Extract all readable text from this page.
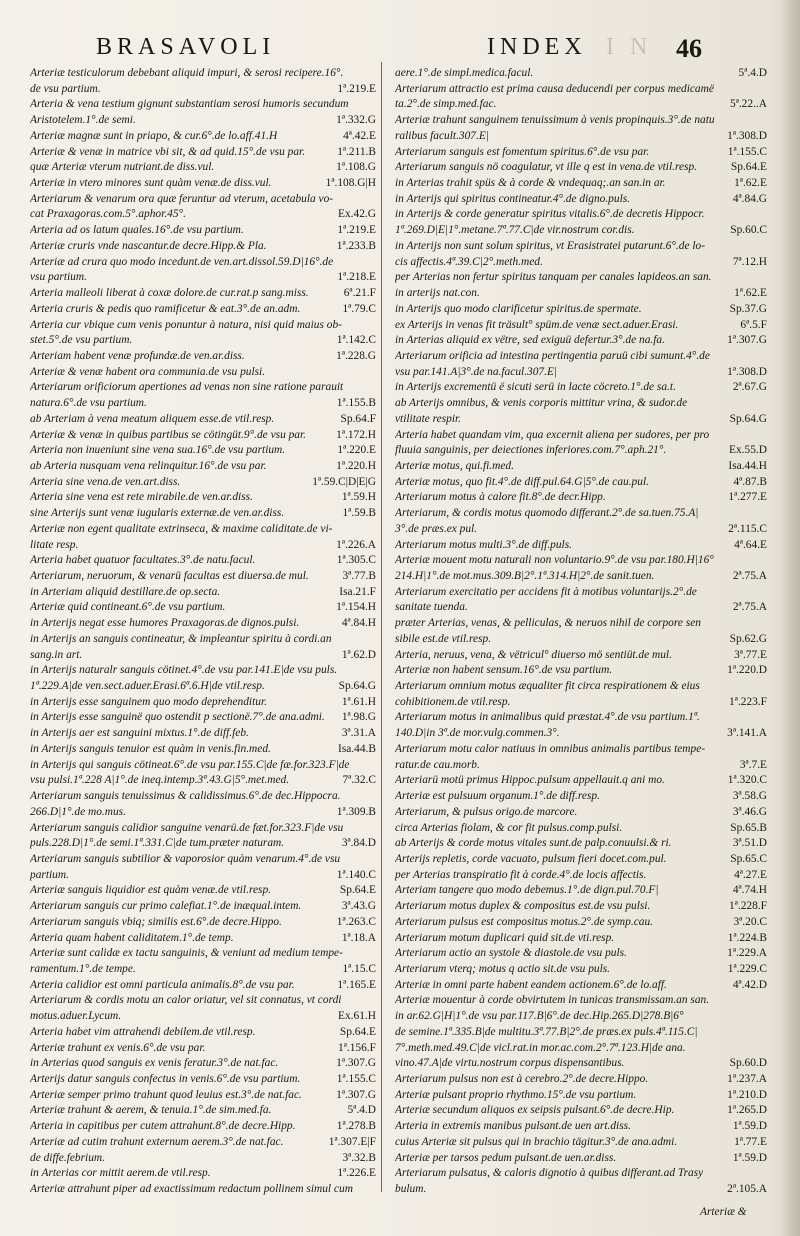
BRASAVOLI	INDEX I N 46
Arteriæ testiculorum debebant aliquid impuri, & serosi recipere.16°.
de vsu partium.	1ª.219.E
Arteria & vena testium gignunt substantiam serosi humoris secundum
Aristotelem.1°.de semi.	1ª.332.G
Arteriæ magnæ sunt in priapo, & cur.6°.de lo.aff.41.H	4ª.42.E
Arteriæ & venæ in matrice vbi sit, & ad quid.15°.de vsu par.	1ª.211.B
quæ Arteriæ vterum nutriant.de diss.vul.	1ª.108.G
Arteriæ in vtero minores sunt quàm venæ.de diss.vul.	1ª.108.G|H
Arteriarum & venarum ora quæ feruntur ad vterum, acetabula vo-
cat Praxagoras.com.5°.aphor.45°.	Ex.42.G
Arteria ad os latum quales.16°.de vsu partium.	1ª.219.E
Arteriæ cruris vnde nascantur.de decre.Hipp.& Pla.	1ª.233.B
Arteriæ ad crura quo modo incedunt.de ven.art.dissol.59.D|16°.de
vsu partium.	1ª.218.E
Arteria malleoli liberat à coxæ dolore.de cur.rat.p sang.miss.	6ª.21.F
Arteria cruris & pedis quo ramificetur & eat.3°.de an.adm.	1ª.79.C
Arteria cur vbique cum venis ponuntur à natura, nisi quid maius ob-
stet.5°.de vsu partium.	1ª.142.C
Arteriam habent venæ profundæ.de ven.ar.diss.	1ª.228.G
Arteriæ & venæ habent ora communia.de vsu pulsi.
Arteriarum orificiorum apertiones ad venas non sine ratione parauit
natura.6°.de vsu partium.	1ª.155.B
ab Arteriam à vena meatum aliquem esse.de vtil.resp.	Sp.64.F
Arteriæ & venæ in quibus partibus se cötingüt.9°.de vsu par.	1ª.172.H
Arteria non inueniunt sine vena sua.16°.de vsu partium.	1ª.220.E
ab Arteria nusquam vena relinquitur.16°.de vsu par.	1ª.220.H
Arteria sine vena.de ven.art.diss.	1ª.59.C|D|E|G
Arteria sine vena est rete mirabile.de ven.ar.diss.	1ª.59.H
sine Arterijs sunt venæ iugularis externæ.de ven.ar.diss.	1ª.59.B
Arteriæ non egent qualitate extrinseca, & maxime caliditate.de vi-
litate resp.	1ª.226.A
Arteria habet quatuor facultates.3°.de natu.facul.	1ª.305.C
Arteriarum, neruorum, & venarü facultas est diuersa.de mul.	3ª.77.B
in Arteriam aliquid destillare.de op.secta.	Isa.21.F
Arteriæ quid contineant.6°.de vsu partium.	1ª.154.H
in Arterijs negat esse humores Praxagoras.de dignos.pulsi.	4ª.84.H
in Arterijs an sanguis contineatur, & impleantur spiritu à cordi.an
sang.in art.	1ª.62.D
in Arterijs naturalr sanguis cötinet.4°.de vsu par.141.E|de vsu puls.
1ª.229.A|de ven.sect.aduer.Erasi.6ª.6.H|de vtil.resp.	Sp.64.G
in Arterijs esse sanguinem quo modo deprehenditur.	1ª.61.H
in Arterijs esse sanguinë quo ostendit p sectionë.7°.de ana.admi.	1ª.98.G
in Arterijs aer est sanguini mixtus.1°.de diff.feb.	3ª.31.A
in Arterijs sanguis tenuior est quàm in venis.fin.med.	Isa.44.B
in Arterijs qui sanguis cötineat.6°.de vsu par.155.C|de fæ.for.323.F|de
vsu pulsi.1ª.228 A|1°.de ineq.intemp.3ª.43.G|5°.met.med.	7ª.32.C
Arteriarum sanguis tenuissimus & calidissimus.6°.de dec.Hippocra.
266.D|1°.de mo.mus.	1ª.309.B
Arteriarum sanguis calidior sanguine venarü.de fæt.for.323.F|de vsu
puls.228.D|1°.de semi.1ª.331.C|de tum.præter naturam.	3ª.84.D
Arteriarum sanguis subtilior & vaporosior quàm venarum.4°.de vsu
partium.	1ª.140.C
Arteriæ sanguis liquidior est quàm venæ.de vtil.resp.	Sp.64.E
Arteriarum sanguis cur primo calefiat.1°.de inæqual.intem.	3ª.43.G
Arteriarum sanguis vbiq; similis est.6°.de decre.Hippo.	1ª.263.C
Arteria quam habent caliditatem.1°.de temp.	1ª.18.A
Arteriæ sunt calidæ ex tactu sanguinis, & veniunt ad medium tempe-
ramentum.1°.de tempe.	1ª.15.C
Arteria calidior est omni particula animalis.8°.de vsu par.	1ª.165.E
Arteriarum & cordis motu an calor oriatur, vel sit connatus, vt cordi
motus.aduer.Lycum.	Ex.61.H
Arteria habet vim attrahendi debilem.de vtil.resp.	Sp.64.E
Arteriæ trahunt ex venis.6°.de vsu par.	1ª.156.F
in Arterias quod sanguis ex venis feratur.3°.de nat.fac.	1ª.307.G
Arterijs datur sanguis confectus in venis.6°.de vsu partium.	1ª.155.C
Arteriæ semper primo trahunt quod leuius est.3°.de nat.fac.	1ª.307.G
Arteriæ trahunt & aerem, & tenuia.1°.de sim.med.fa.	5ª.4.D
Arteria in capitibus per cutem attrahunt.8°.de decre.Hipp.	1ª.278.B
Arteriæ ad cutim trahunt externum aerem.3°.de nat.fac.	1ª.307.E|F
de diffe.febrium.	3ª.32.B
in Arterias cor mittit aerem.de vtil.resp.	1ª.226.E
Arteriæ attrahunt piper ad exactissimum redactum pollinem simul cum
aere.1°.de simpl.medica.facul.	5ª.4.D
Arteriarum attractio est prima causa deducendi per corpus medicamë
ta.2°.de simp.med.fac.	5ª.22..A
Arteriæ trahunt sanguinem tenuissimum à venis propinquis.3°.de natu
ralibus facult.307.E|	1ª.308.D
Arteriarum sanguis est fomentum spiritus.6°.de vsu par.	1ª.155.C
Arteriarum sanguis nö coagulatur, vt ille q est in vena.de vtil.resp.	Sp.64.E
in Arterias trahit spüs & à corde & vndequaq;.an san.in ar.	1ª.62.E
in Arterijs qui spiritus contineatur.4°.de digno.puls.	4ª.84.G
in Arterijs & corde generatur spiritus vitalis.6°.de decretis Hippocr.
1ª.269.D|E|1°.metane.7ª.77.C|de vir.nostrum cor.dis.	Sp.60.C
in Arterijs non sunt solum spiritus, vt Erasistratei putarunt.6°.de lo-
cis affectis.4ª.39.C|2°.meth.med.	7ª.12.H
per Arterias non fertur spiritus tanquam per canales lapideos.an san.
in arterijs nat.con.	1ª.62.E
in Arterijs quo modo clarificetur spiritus.de spermate.	Sp.37.G
ex Arterijs in venas fit träsult° spüm.de venæ sect.aduer.Erasi.	6ª.5.F
in Arterias aliquid ex vëtre, sed exiguü defertur.3°.de na.fa.	1ª.307.G
Arteriarum orificia ad intestina pertingentia paruü cibi sumunt.4°.de
vsu par.141.A|3°.de na.facul.307.E|	1ª.308.D
in Arterijs excrementü ë sicuti serü in lacte cöcreto.1°.de sa.t.	2ª.67.G
ab Arterijs omnibus, & venis corporis mittitur vrina, & sudor.de
vtilitate respir.	Sp.64.G
Arteria habet quandam vim, qua excernit aliena per sudores, per pro
fluuia sanguinis, per deiectiones inferiores.com.7°.aph.21°.	Ex.55.D
Arteriæ motus, qui.fi.med.	Isa.44.H
Arteriæ motus, quo fit.4°.de diff.pul.64.G|5°.de cau.pul.	4ª.87.B
Arteriarum motus à calore fit.8°.de decr.Hipp.	1ª.277.E
Arteriarum, & cordis motus quomodo differant.2°.de sa.tuen.75.A|
3°.de præs.ex pul.	2ª.115.C
Arteriarum motus multi.3°.de diff.puls.	4ª.64.E
Arteriæ mouent motu naturali non voluntario.9°.de vsu par.180.H|16°
214.H|1°.de mot.mus.309.B|2°.1ª.314.H|2°.de sanit.tuen.	2ª.75.A
Arteriarum exercitatio per accidens fit à motibus voluntarijs.2°.de
sanitate tuenda.	2ª.75.A
præter Arterias, venas, & pelliculas, & neruos nihil de corpore sen
sibile est.de vtil.resp.	Sp.62.G
Arteria, neruus, vena, & vëtricul° diuerso mö sentiüt.de mul.	3ª.77.E
Arteriæ non habent sensum.16°.de vsu partium.	1ª.220.D
Arteriarum omnium motus æqualiter fit circa respirationem & eius
cohibitionem.de vtil.resp.	1ª.223.F
Arteriarum motus in animalibus quid præstat.4°.de vsu partium.1ª.
140.D|in 3ª.de mor.vulg.commen.3°.	3ª.141.A
Arteriarum motu calor natiuus in omnibus animalis partibus tempe-
ratur.de cau.morb.	3ª.7.E
Arteriarü motü primus Hippoc.pulsum appellauit.q ani mo.	1ª.320.C
Arteriæ est pulsuum organum.1°.de diff.resp.	3ª.58.G
Arteriarum, & pulsus origo.de marcore.	3ª.46.G
circa Arterias fiolam, & cor fit pulsus.comp.pulsi.	Sp.65.B
ab Arterijs & corde motus vitales sunt.de palp.conuulsi.& ri.	3ª.51.D
Arterijs repletis, corde vacuato, pulsum fieri docet.com.pul.	Sp.65.C
per Arterias transpiratio fit à corde.4°.de locis affectis.	4ª.27.E
Arteriam tangere quo modo debemus.1°.de dign.pul.70.F|	4ª.74.H
Arteriarum motus duplex & compositus est.de vsu pulsi.	1ª.228.F
Arteriarum pulsus est compositus motus.2°.de symp.cau.	3ª.20.C
Arteriarum motum duplicari quid sit.de vti.resp.	1ª.224.B
Arteriarum actio an systole & diastole.de vsu puls.	1ª.229.A
Arteriarum vterq; motus q actio sit.de vsu puls.	1ª.229.C
Arteriæ in omni parte habent eandem actionem.6°.de lo.aff.	4ª.42.D
Arteriæ mouentur à corde obvirtutem in tunicas transmissam.an san.
in ar.62.G|H|1°.de vsu par.117.B|6°.de dec.Hip.265.D|278.B|6°
de semine.1ª.335.B|de multitu.3ª.77.B|2°.de præs.ex puls.4ª.115.C|
7°.meth.med.49.C|de vicl.rat.in mor.ac.com.2°.7ª.123.H|de ana.
vino.47.A|de virtu.nostrum corpus dispensantibus.	Sp.60.D
Arteriarum pulsus non est à cerebro.2°.de decre.Hippo.	1ª.237.A
Arteriæ pulsant proprio rhythmo.15°.de vsu partium.	1ª.210.D
Arteriæ secundum aliquos ex seipsis pulsant.6°.de decre.Hip.	1ª.265.D
Arteria in extremis manibus pulsant.de uen art.diss.	1ª.59.D
cuius Arteriæ sit pulsus qui in brachio tägitur.3°.de ana.admi.	1ª.77.E
Arteriæ per tarsos pedum pulsant.de uen.ar.diss.	1ª.59.D
Arteriarum pulsatus, & caloris dignotio à quibus differant.ad Trasy
bulum.	2ª.105.A
Arteriæ &
